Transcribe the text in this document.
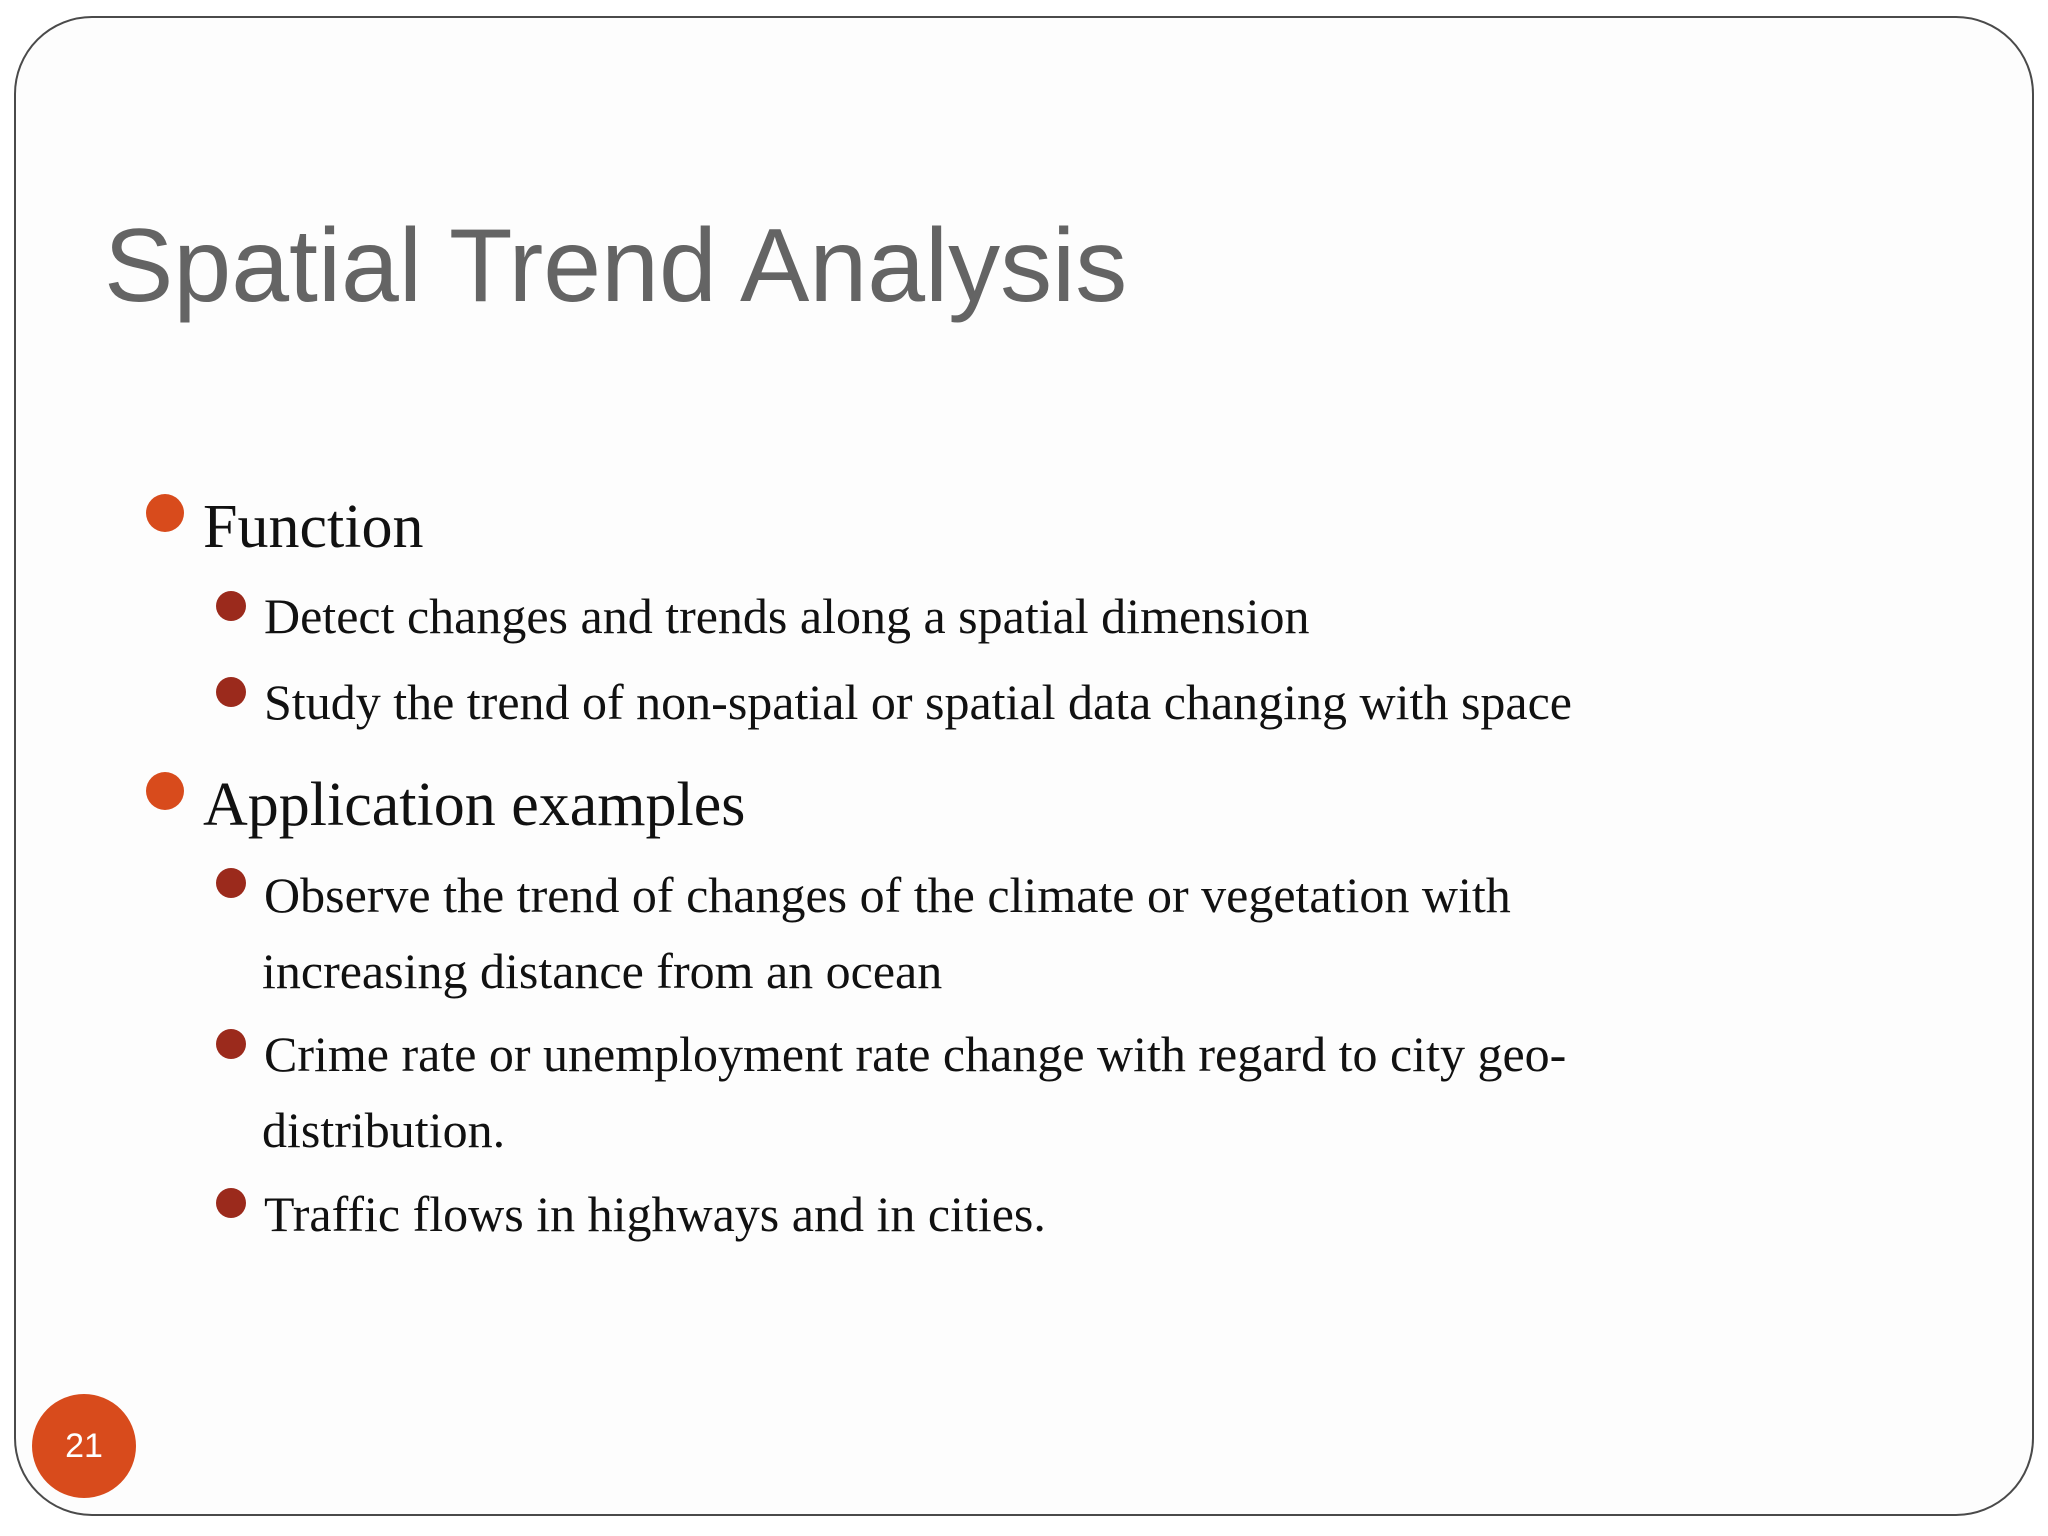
Spatial Trend Analysis
Function
Detect changes and trends along a spatial dimension
Study the trend of non-spatial or spatial data changing with space
Application examples
Observe the trend of changes of the climate or vegetation with
increasing distance from an ocean
Crime rate or unemployment rate change with regard to city geo-
distribution.
Traffic flows in highways and in cities.
21
